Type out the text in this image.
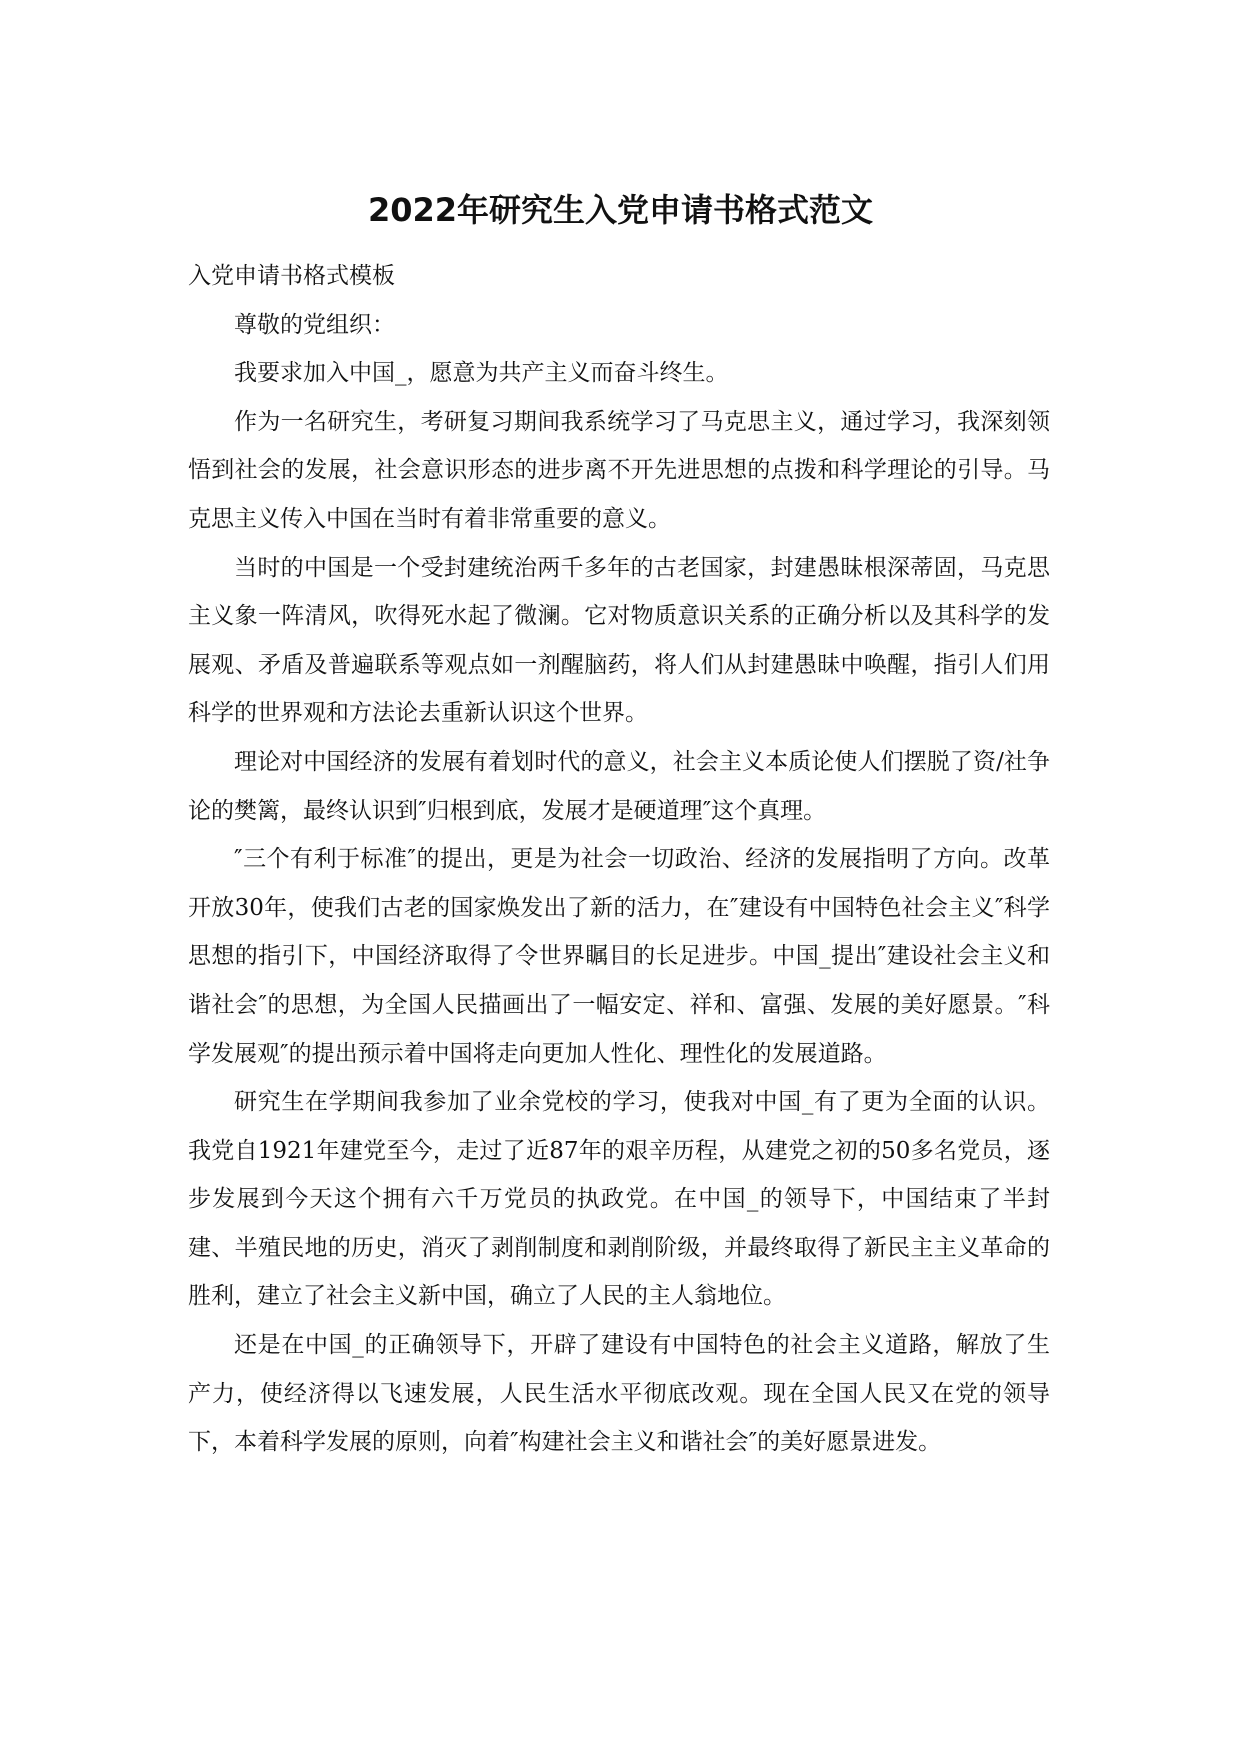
2022年研究生入党申请书格式范文

入党申请书格式模板

尊敬的党组织：

我要求加入中国_，愿意为共产主义而奋斗终生。

作为一名研究生，考研复习期间我系统学习了马克思主义，通过学习，我深刻领悟到社会的发展，社会意识形态的进步离不开先进思想的点拨和科学理论的引导。马克思主义传入中国在当时有着非常重要的意义。

当时的中国是一个受封建统治两千多年的古老国家，封建愚昧根深蒂固，马克思主义象一阵清风，吹得死水起了微澜。它对物质意识关系的正确分析以及其科学的发展观、矛盾及普遍联系等观点如一剂醒脑药，将人们从封建愚昧中唤醒，指引人们用科学的世界观和方法论去重新认识这个世界。

理论对中国经济的发展有着划时代的意义，社会主义本质论使人们摆脱了资/社争论的樊篱，最终认识到″归根到底，发展才是硬道理″这个真理。

″三个有利于标准″的提出，更是为社会一切政治、经济的发展指明了方向。改革开放30年，使我们古老的国家焕发出了新的活力，在″建设有中国特色社会主义″科学思想的指引下，中国经济取得了令世界瞩目的长足进步。中国_提出″建设社会主义和谐社会″的思想，为全国人民描画出了一幅安定、祥和、富强、发展的美好愿景。″科学发展观″的提出预示着中国将走向更加人性化、理性化的发展道路。

研究生在学期间我参加了业余党校的学习，使我对中国_有了更为全面的认识。我党自1921年建党至今，走过了近87年的艰辛历程，从建党之初的50多名党员，逐步发展到今天这个拥有六千万党员的执政党。在中国_的领导下，中国结束了半封建、半殖民地的历史，消灭了剥削制度和剥削阶级，并最终取得了新民主主义革命的胜利，建立了社会主义新中国，确立了人民的主人翁地位。

还是在中国_的正确领导下，开辟了建设有中国特色的社会主义道路，解放了生产力，使经济得以飞速发展，人民生活水平彻底改观。现在全国人民又在党的领导下，本着科学发展的原则，向着″构建社会主义和谐社会″的美好愿景进发。
